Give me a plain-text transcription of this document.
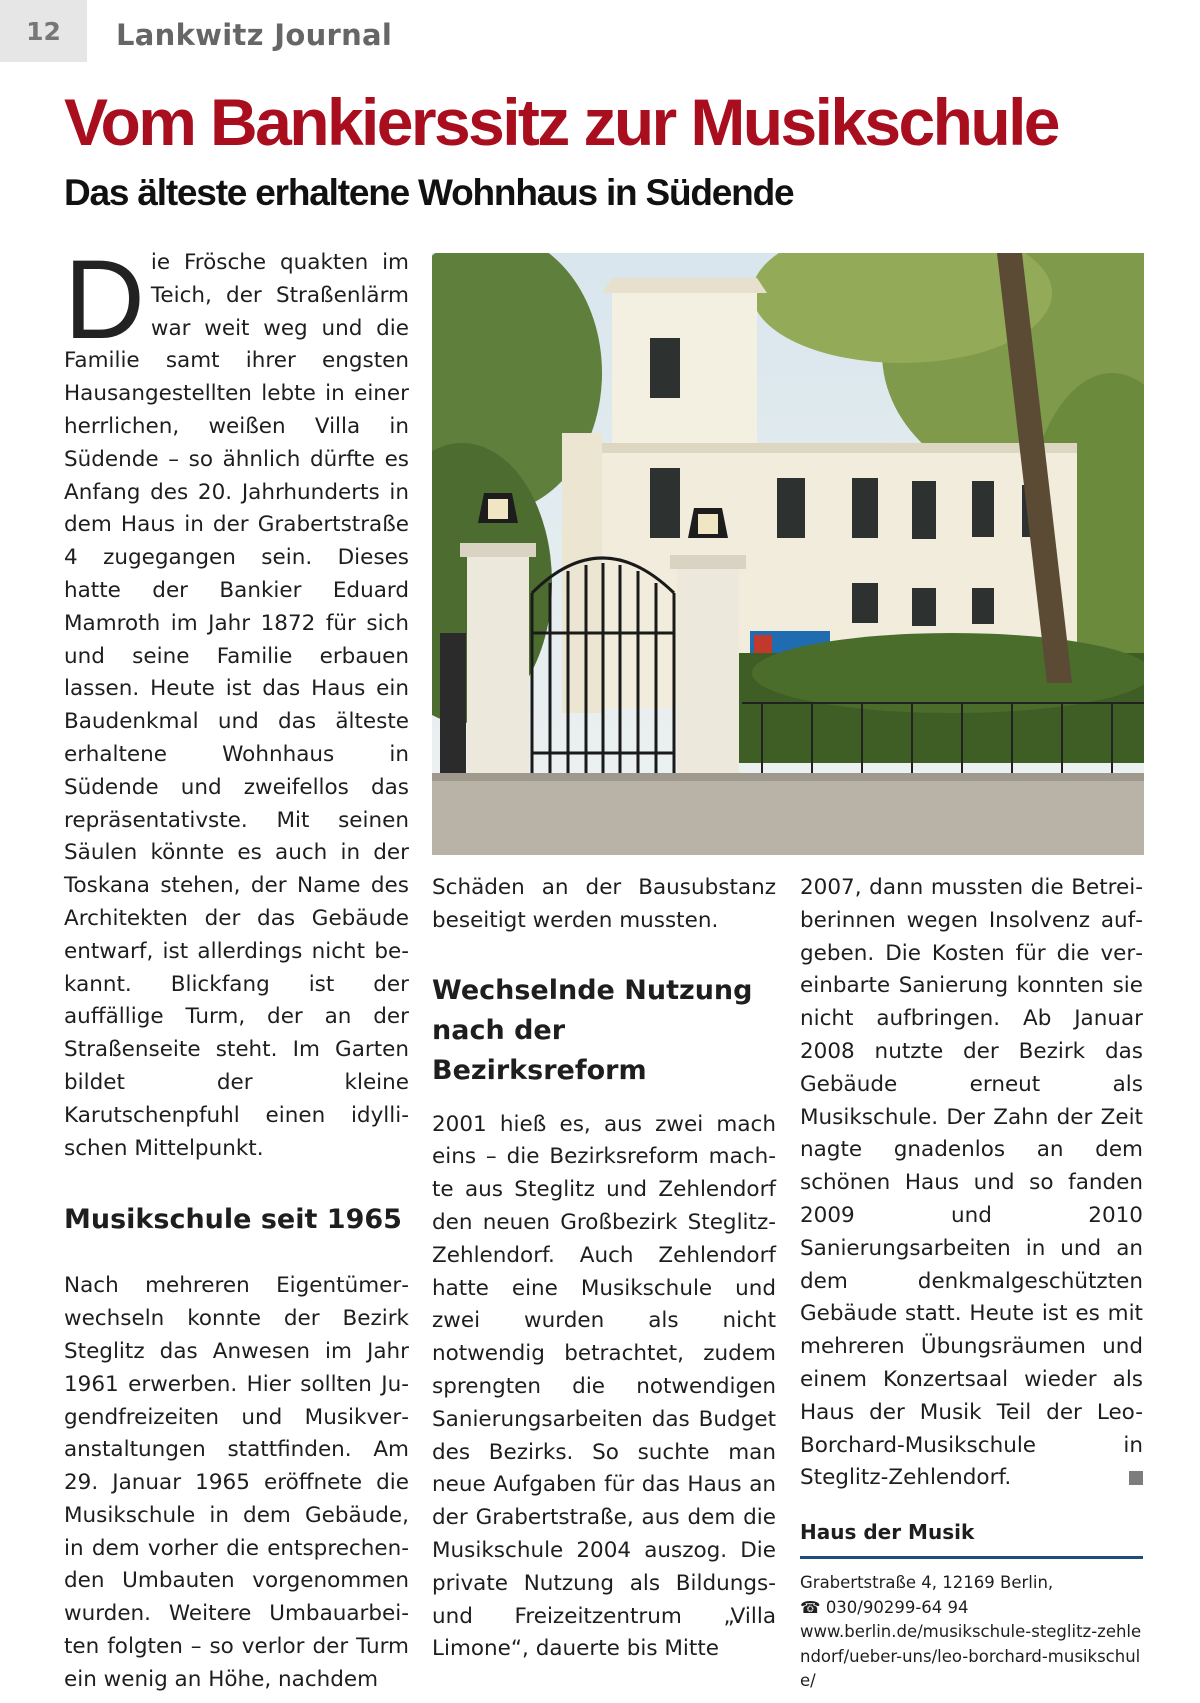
12	Lankwitz Journal
Vom Bankierssitz zur Musikschule
Das älteste erhaltene Wohnhaus in Südende

Die Frösche quakten im Teich, der Straßenlärm war weit weg und die Familie samt ihrer engsten Hausangestellten lebte in einer herrlichen, weißen Villa in Südende – so ähnlich dürfte es Anfang des 20. Jahrhunderts in dem Haus in der Grabertstraße 4 zugegangen sein. Dieses hatte der Bankier Eduard Mamroth im Jahr 1872 für sich und seine Familie erbauen lassen. Heute ist das Haus ein Baudenkmal und das älteste erhaltene Wohnhaus in Südende und zweifellos das repräsentativste. Mit seinen Säulen könnte es auch in der Toskana stehen, der Name des Architekten der das Gebäude entwarf, ist allerdings nicht bekannt. Blickfang ist der auffällige Turm, der an der Straßenseite steht. Im Garten bildet der kleine Karutschenpfuhl einen idyllischen Mittelpunkt.

Musikschule seit 1965

Nach mehreren Eigentümerwechseln konnte der Bezirk Steglitz das Anwesen im Jahr 1961 erwerben. Hier sollten Jugendfreizeiten und Musikveranstaltungen stattfinden. Am 29. Januar 1965 eröffnete die Musikschule in dem Gebäude, in dem vorher die entsprechenden Umbauten vorgenommen wurden. Weitere Umbauarbeiten folgten – so verlor der Turm ein wenig an Höhe, nachdem

Schäden an der Bausubstanz beseitigt werden mussten.

Wechselnde Nutzung nach der Bezirksreform

2001 hieß es, aus zwei mach eins – die Bezirksreform machte aus Steglitz und Zehlendorf den neuen Großbezirk Steglitz-Zehlendorf. Auch Zehlendorf hatte eine Musikschule und zwei wurden als nicht notwendig betrachtet, zudem sprengten die notwendigen Sanierungsarbeiten das Budget des Bezirks. So suchte man neue Aufgaben für das Haus an der Grabertstraße, aus dem die Musikschule 2004 auszog. Die private Nutzung als Bildungs- und Freizeitzentrum „Villa Limone“, dauerte bis Mitte

2007, dann mussten die Betreiberinnen wegen Insolvenz aufgeben. Die Kosten für die vereinbarte Sanierung konnten sie nicht aufbringen. Ab Januar 2008 nutzte der Bezirk das Gebäude erneut als Musikschule. Der Zahn der Zeit nagte gnadenlos an dem schönen Haus und so fanden 2009 und 2010 Sanierungsarbeiten in und an dem denkmalgeschützten Gebäude statt. Heute ist es mit mehreren Übungsräumen und einem Konzertsaal wieder als Haus der Musik Teil der Leo-Borchard-Musikschule in Steglitz-Zehlendorf.

Haus der Musik

Grabertstraße 4, 12169 Berlin,

☎ 030/90299-64 94

www.berlin.de/musikschule-steglitz-zehlendorf/ueber-uns/leo-borchard-musikschule/
